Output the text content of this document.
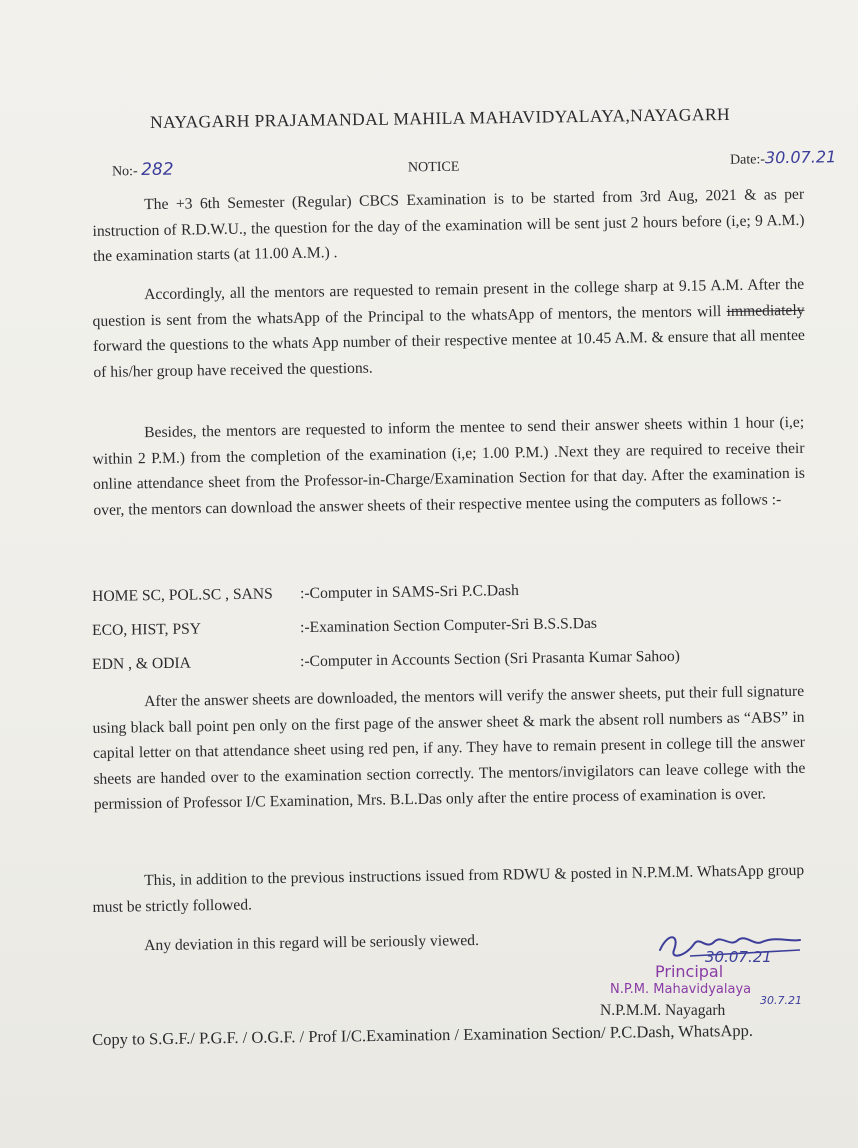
NAYAGARH PRAJAMANDAL MAHILA MAHAVIDYALAYA,NAYAGARH
No:- 282	NOTICE	Date:-30.07.21
The +3 6th Semester (Regular) CBCS Examination is to be started from 3rd Aug, 2021 & as per instruction of R.D.W.U., the question for the day of the examination will be sent just 2 hours before (i,e; 9 A.M.) the examination starts (at 11.00 A.M.) .
Accordingly, all the mentors are requested to remain present in the college sharp at 9.15 A.M. After the question is sent from the whatsApp of the Principal to the whatsApp of mentors, the mentors will immediately forward the questions to the whats App number of their respective mentee at 10.45 A.M. & ensure that all mentee of his/her group have received the questions.
Besides, the mentors are requested to inform the mentee to send their answer sheets within 1 hour (i,e; within 2 P.M.) from the completion of the examination (i,e; 1.00 P.M.) .Next they are required to receive their online attendance sheet from the Professor-in-Charge/Examination Section for that day. After the examination is over, the mentors can download the answer sheets of their respective mentee using the computers as follows :-
HOME SC, POL.SC , SANS :-Computer in SAMS-Sri P.C.Dash
ECO, HIST, PSY	:-Examination Section Computer-Sri B.S.S.Das
EDN , & ODIA	:-Computer in Accounts Section (Sri Prasanta Kumar Sahoo)
After the answer sheets are downloaded, the mentors will verify the answer sheets, put their full signature using black ball point pen only on the first page of the answer sheet & mark the absent roll numbers as “ABS” in capital letter on that attendance sheet using red pen, if any. They have to remain present in college till the answer sheets are handed over to the examination section correctly. The mentors/invigilators can leave college with the permission of Professor I/C Examination, Mrs. B.L.Das only after the entire process of examination is over.
This, in addition to the previous instructions issued from RDWU & posted in N.P.M.M. WhatsApp group must be strictly followed.
Any deviation in this regard will be seriously viewed.
30.07.21
Principal
N.P.M. Mahavidyalaya
N.P.M.M. Nayagarh
30.7.21
Copy to S.G.F./ P.G.F. / O.G.F. / Prof I/C.Examination / Examination Section/ P.C.Dash, WhatsApp.
